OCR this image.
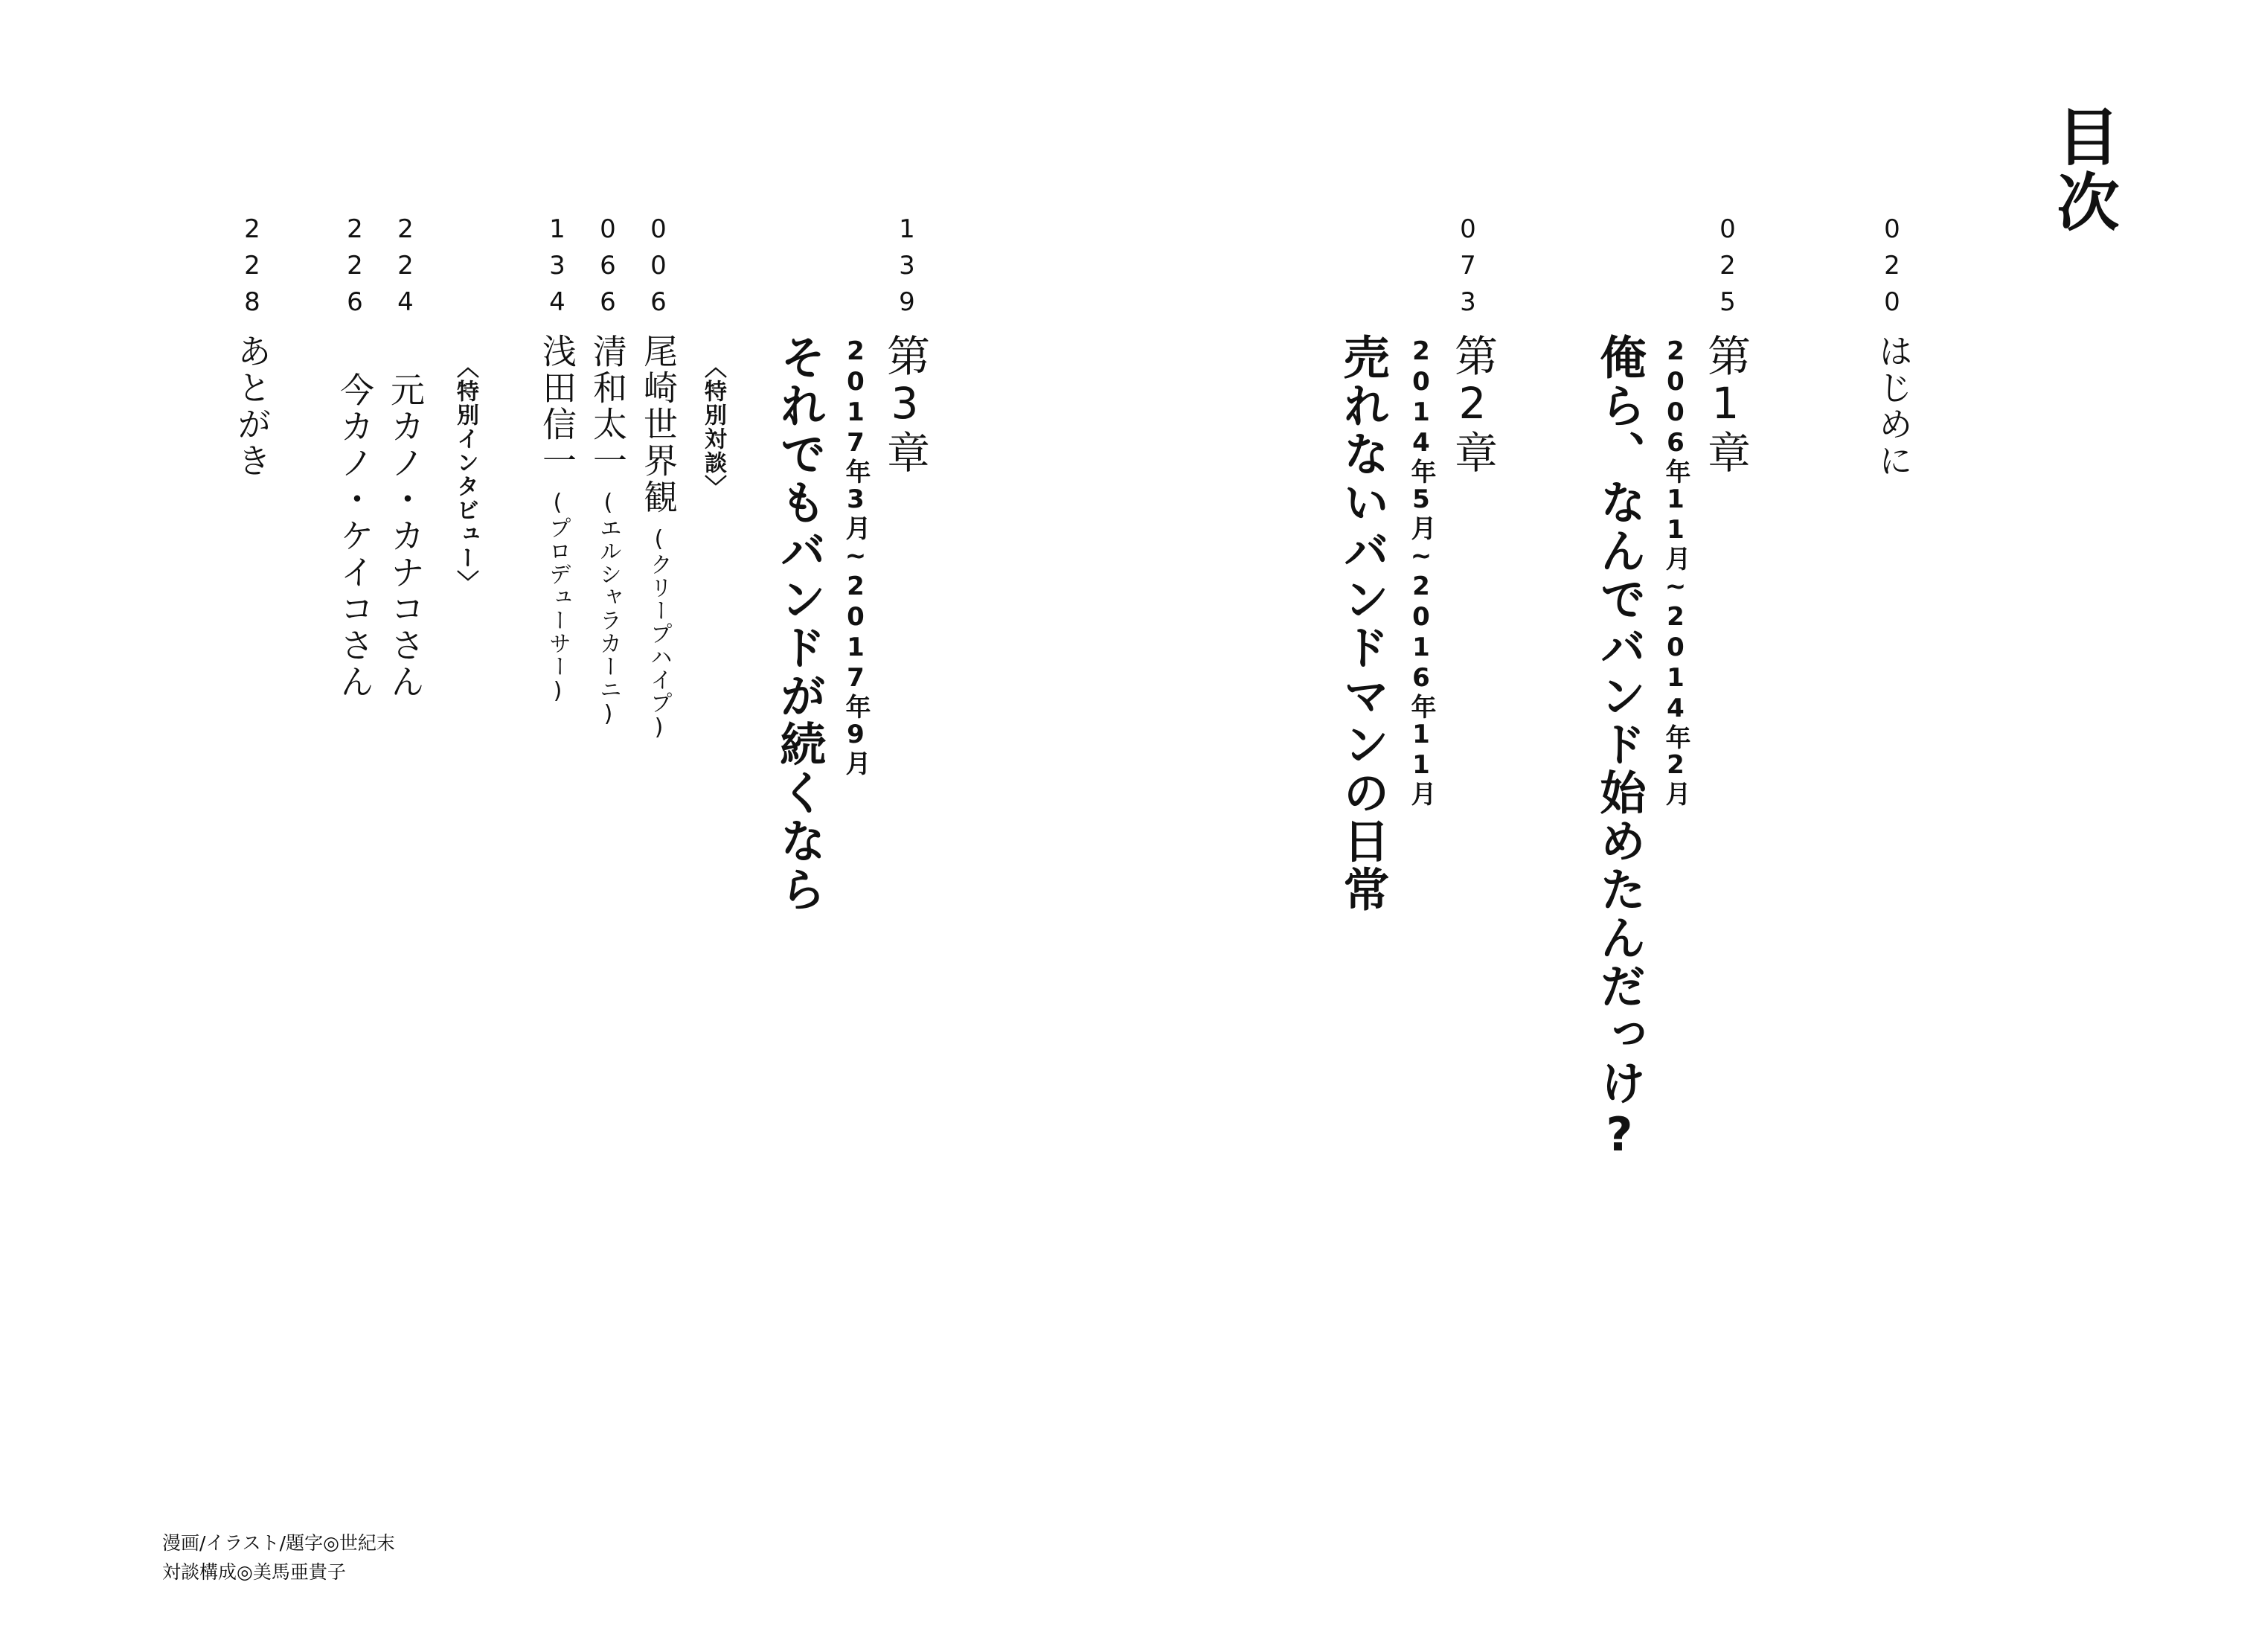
目次
020
はじめに
025
第1章
2006年11月~2014年2月
俺ら、なんでバンド始めたんだっけ?
073
第2章
2014年5月~2016年11月
売れないバンドマンの日常
139
第3章
2017年3月~2017年9月
それでもバンドが続くなら
〈特別対談〉
006
尾崎世界観(クリープハイプ)
066
清和太一(エルシャラカーニ)
134
浅田信一(プロデューサー)
〈特別インタビュー〉
224
元カノ・カナコさん
226
今カノ・ケイコさん
228
あとがき
漫画/イラスト/題字◎世紀末
対談構成◎美馬亜貴子
